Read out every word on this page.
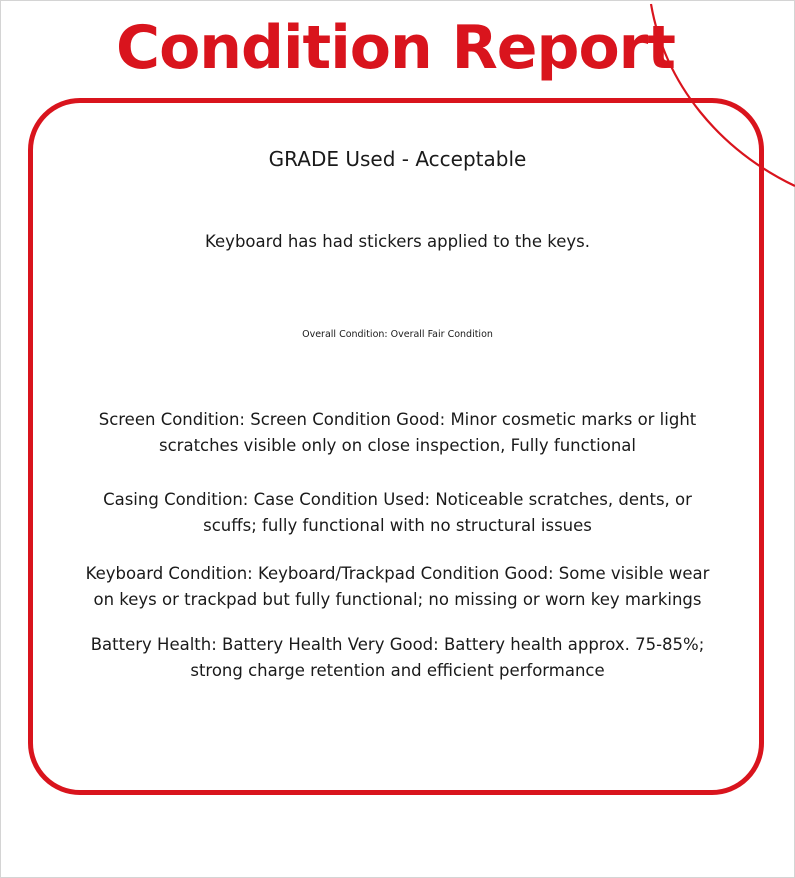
Condition Report

GRADE Used - Acceptable

Keyboard has had stickers applied to the keys.

Overall Condition: Overall Fair Condition

Screen Condition: Screen Condition Good: Minor cosmetic marks or light
scratches visible only on close inspection, Fully functional
Casing Condition: Case Condition Used: Noticeable scratches, dents, or
scuffs; fully functional with no structural issues
Keyboard Condition: Keyboard/Trackpad Condition Good: Some visible wear
on keys or trackpad but fully functional; no missing or worn key markings
Battery Health: Battery Health Very Good: Battery health approx. 75-85%;
strong charge retention and efficient performance
